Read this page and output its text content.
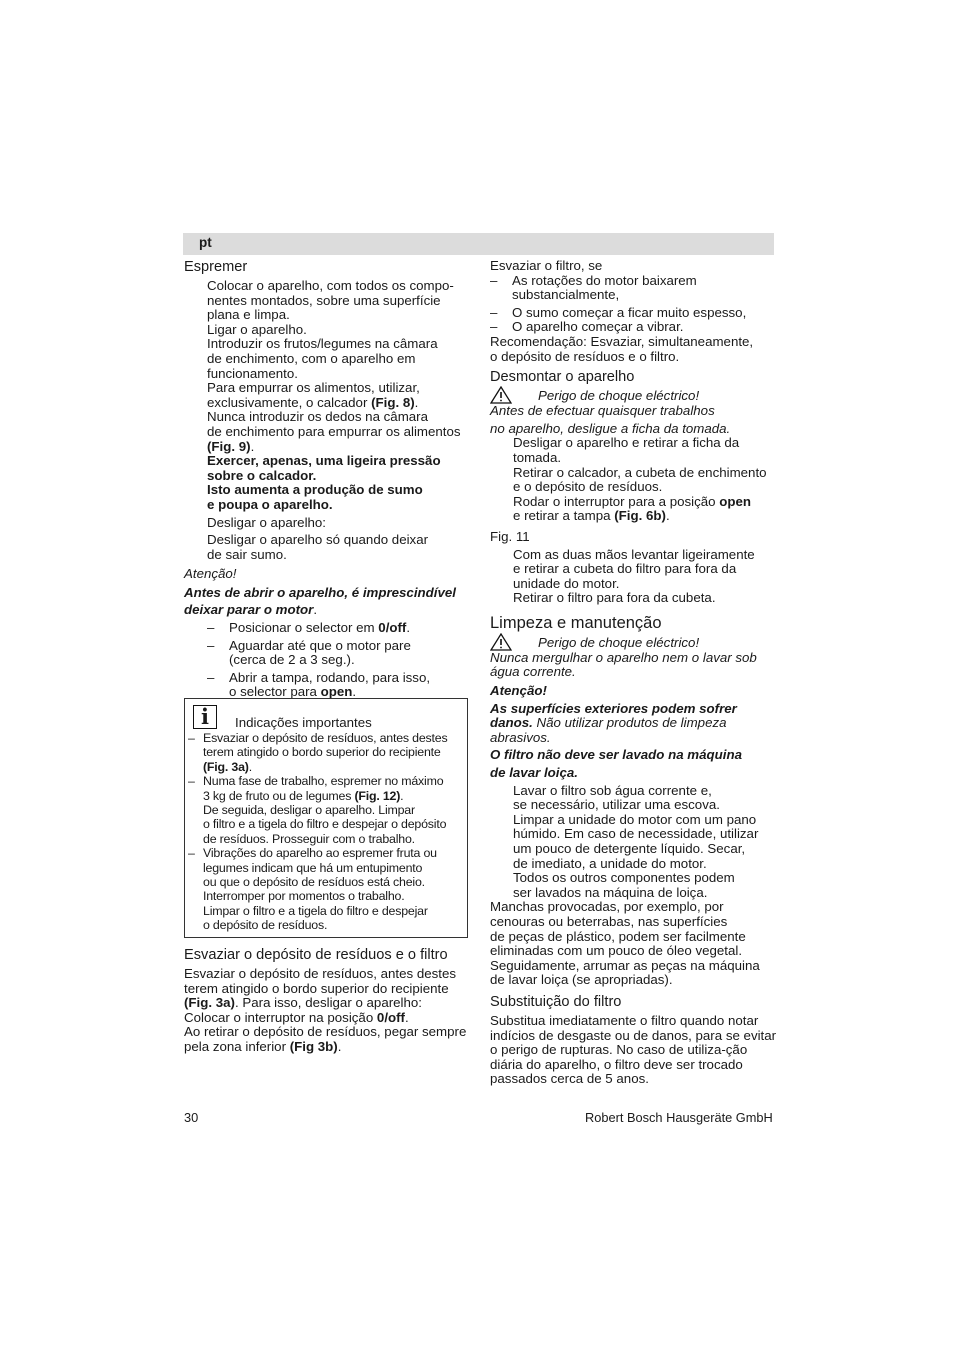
pt

Espremer

Colocar o aparelho, com todos os compo-

nentes montados, sobre uma superfície

plana e limpa.

Ligar o aparelho.

Introduzir os frutos/legumes na câmara

de enchimento, com o aparelho em

funcionamento.

Para empurrar os alimentos, utilizar,

exclusivamente, o calcador (Fig. 8).

Nunca introduzir os dedos na câmara

de enchimento para empurrar os alimentos

(Fig. 9).

Exercer, apenas, uma ligeira pressão

sobre o calcador.

Isto aumenta a produção de sumo

e poupa o aparelho.

Desligar o aparelho:

Desligar o aparelho só quando deixar

de sair sumo.

Atenção!

Antes de abrir o aparelho, é imprescindível

deixar parar o motor.

– Posicionar o selector em 0/off.
– Aguardar até que o motor pare
(cerca de 2 a 3 seg.).
– Abrir a tampa, rodando, para isso,
o selector para open.
i	Indicações importantes
– Esvaziar o depósito de resíduos, antes destes
terem atingido o bordo superior do recipiente
(Fig. 3a).
– Numa fase de trabalho, espremer no máximo
3 kg de fruto ou de legumes (Fig. 12).
De seguida, desligar o aparelho. Limpar
o filtro e a tigela do filtro e despejar o depósito
de resíduos. Prosseguir com o trabalho.
– Vibrações do aparelho ao espremer fruta ou
legumes indicam que há um entupimento
ou que o depósito de resíduos está cheio.
Interromper por momentos o trabalho.
Limpar o filtro e a tigela do filtro e despejar
o depósito de resíduos.

Esvaziar o depósito de resíduos e o filtro

Esvaziar o depósito de resíduos, antes destes

terem atingido o bordo superior do recipiente

(Fig. 3a). Para isso, desligar o aparelho:

Colocar o interruptor na posição 0/off.

Ao retirar o depósito de resíduos, pegar sempre

pela zona inferior (Fig 3b).

Esvaziar o filtro, se

– As rotações do motor baixarem
substancialmente,
– O sumo começar a ficar muito espesso,
– O aparelho começar a vibrar.

Recomendação: Esvaziar, simultaneamente,

o depósito de resíduos e o filtro.

Desmontar o aparelho

Perigo de choque eléctrico!

Antes de efectuar quaisquer trabalhos

no aparelho, desligue a ficha da tomada.

Desligar o aparelho e retirar a ficha da

tomada.

Retirar o calcador, a cubeta de enchimento

e o depósito de resíduos.

Rodar o interruptor para a posição open

e retirar a tampa (Fig. 6b).

Fig. 11

Com as duas mãos levantar ligeiramente

e retirar a cubeta do filtro para fora da

unidade do motor.

Retirar o filtro para fora da cubeta.

Limpeza e manutenção

Perigo de choque eléctrico!

Nunca mergulhar o aparelho nem o lavar sob

água corrente.

Atenção!

As superfícies exteriores podem sofrer

danos. Não utilizar produtos de limpeza

abrasivos.

O filtro não deve ser lavado na máquina

de lavar loiça.

Lavar o filtro sob água corrente e,

se necessário, utilizar uma escova.

Limpar a unidade do motor com um pano

húmido. Em caso de necessidade, utilizar

um pouco de detergente líquido. Secar,

de imediato, a unidade do motor.

Todos os outros componentes podem

ser lavados na máquina de loiça.

Manchas provocadas, por exemplo, por

cenouras ou beterrabas, nas superfícies

de peças de plástico, podem ser facilmente

eliminadas com um pouco de óleo vegetal.

Seguidamente, arrumar as peças na máquina

de lavar loiça (se apropriadas).

Substituição do filtro

Substitua imediatamente o filtro quando notar

indícios de desgaste ou de danos, para se evitar

o perigo de rupturas. No caso de utiliza-ção

diária do aparelho, o filtro deve ser trocado

passados cerca de 5 anos.

30	Robert Bosch Hausgeräte GmbH
